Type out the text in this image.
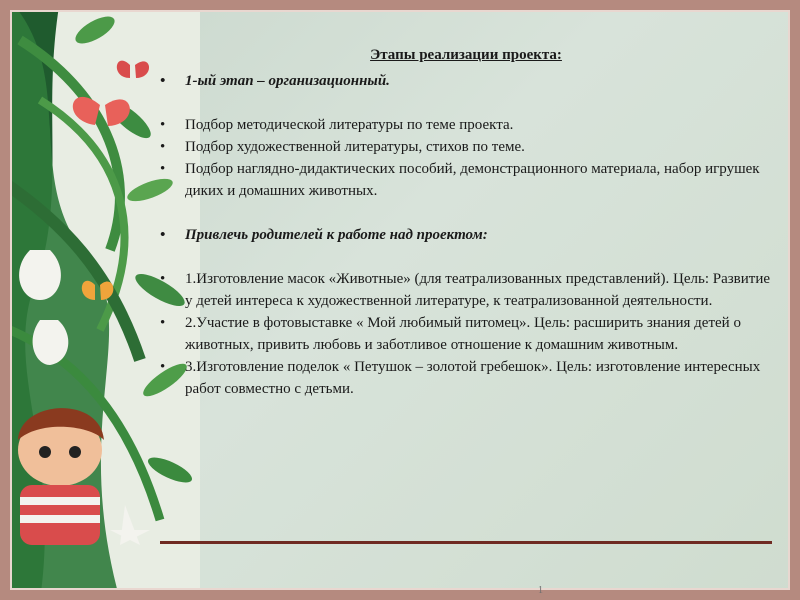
Этапы реализации проекта:

•	1-ый этап – организационный.

•	Подбор методической литературы по теме проекта.

•	Подбор художественной литературы, стихов по теме.

•	Подбор наглядно-дидактических пособий, демонстрационного материала, набор игрушек диких и домашних животных.

•	Привлечь родителей к работе над проектом:

•	1.Изготовление масок «Животные» (для театрализованных представлений). Цель: Развитие у детей интереса к художественной литературе, к театрализованной деятельности.

•	2.Участие в фотовыставке « Мой любимый питомец». Цель: расширить знания детей о животных, привить любовь и заботливое отношение к домашним животным.

•	3.Изготовление поделок « Петушок – золотой гребешок». Цель: изготовление интересных работ совместно с детьми.

1
